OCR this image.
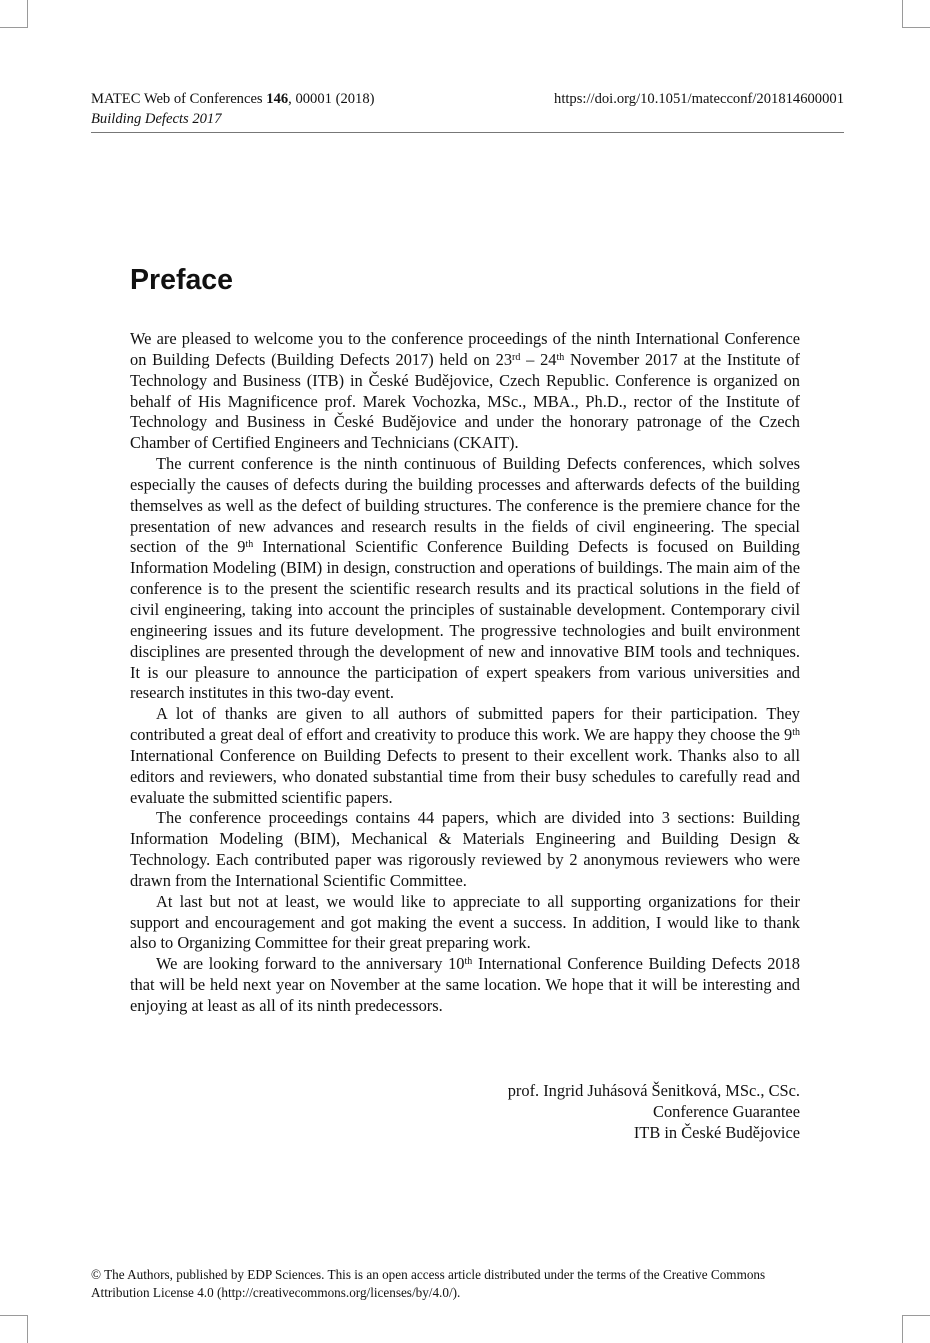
MATEC Web of Conferences 146, 00001 (2018)	https://doi.org/10.1051/matecconf/201814600001
Building Defects 2017
Preface

We are pleased to welcome you to the conference proceedings of the ninth International Conference on Building Defects (Building Defects 2017) held on 23rd – 24th November 2017 at the Institute of Technology and Business (ITB) in České Budějovice, Czech Republic. Conference is organized on behalf of His Magnificence prof. Marek Vochozka, MSc., MBA., Ph.D., rector of the Institute of Technology and Business in České Budějovice and under the honorary patronage of the Czech Chamber of Certified Engineers and Technicians (CKAIT).

The current conference is the ninth continuous of Building Defects conferences, which solves especially the causes of defects during the building processes and afterwards defects of the building themselves as well as the defect of building structures. The conference is the premiere chance for the presentation of new advances and research results in the fields of civil engineering. The special section of the 9th International Scientific Conference Building Defects is focused on Building Information Modeling (BIM) in design, construction and operations of buildings. The main aim of the conference is to the present the scientific research results and its practical solutions in the field of civil engineering, taking into account the principles of sustainable development. Contemporary civil engineering issues and its future development. The progressive technologies and built environment disciplines are presented through the development of new and innovative BIM tools and techniques. It is our pleasure to announce the participation of expert speakers from various universities and research institutes in this two-day event.

A lot of thanks are given to all authors of submitted papers for their participation. They contributed a great deal of effort and creativity to produce this work. We are happy they choose the 9th International Conference on Building Defects to present to their excellent work. Thanks also to all editors and reviewers, who donated substantial time from their busy schedules to carefully read and evaluate the submitted scientific papers.

The conference proceedings contains 44 papers, which are divided into 3 sections: Building Information Modeling (BIM), Mechanical & Materials Engineering and Building Design & Technology. Each contributed paper was rigorously reviewed by 2 anonymous reviewers who were drawn from the International Scientific Committee.

At last but not at least, we would like to appreciate to all supporting organizations for their support and encouragement and got making the event a success. In addition, I would like to thank also to Organizing Committee for their great preparing work.

We are looking forward to the anniversary 10th International Conference Building Defects 2018 that will be held next year on November at the same location. We hope that it will be interesting and enjoying at least as all of its ninth predecessors.

prof. Ingrid Juhásová Šenitková, MSc., CSc.
Conference Guarantee
ITB in České Budějovice
© The Authors, published by EDP Sciences. This is an open access article distributed under the terms of the Creative Commons
Attribution License 4.0 (http://creativecommons.org/licenses/by/4.0/).
